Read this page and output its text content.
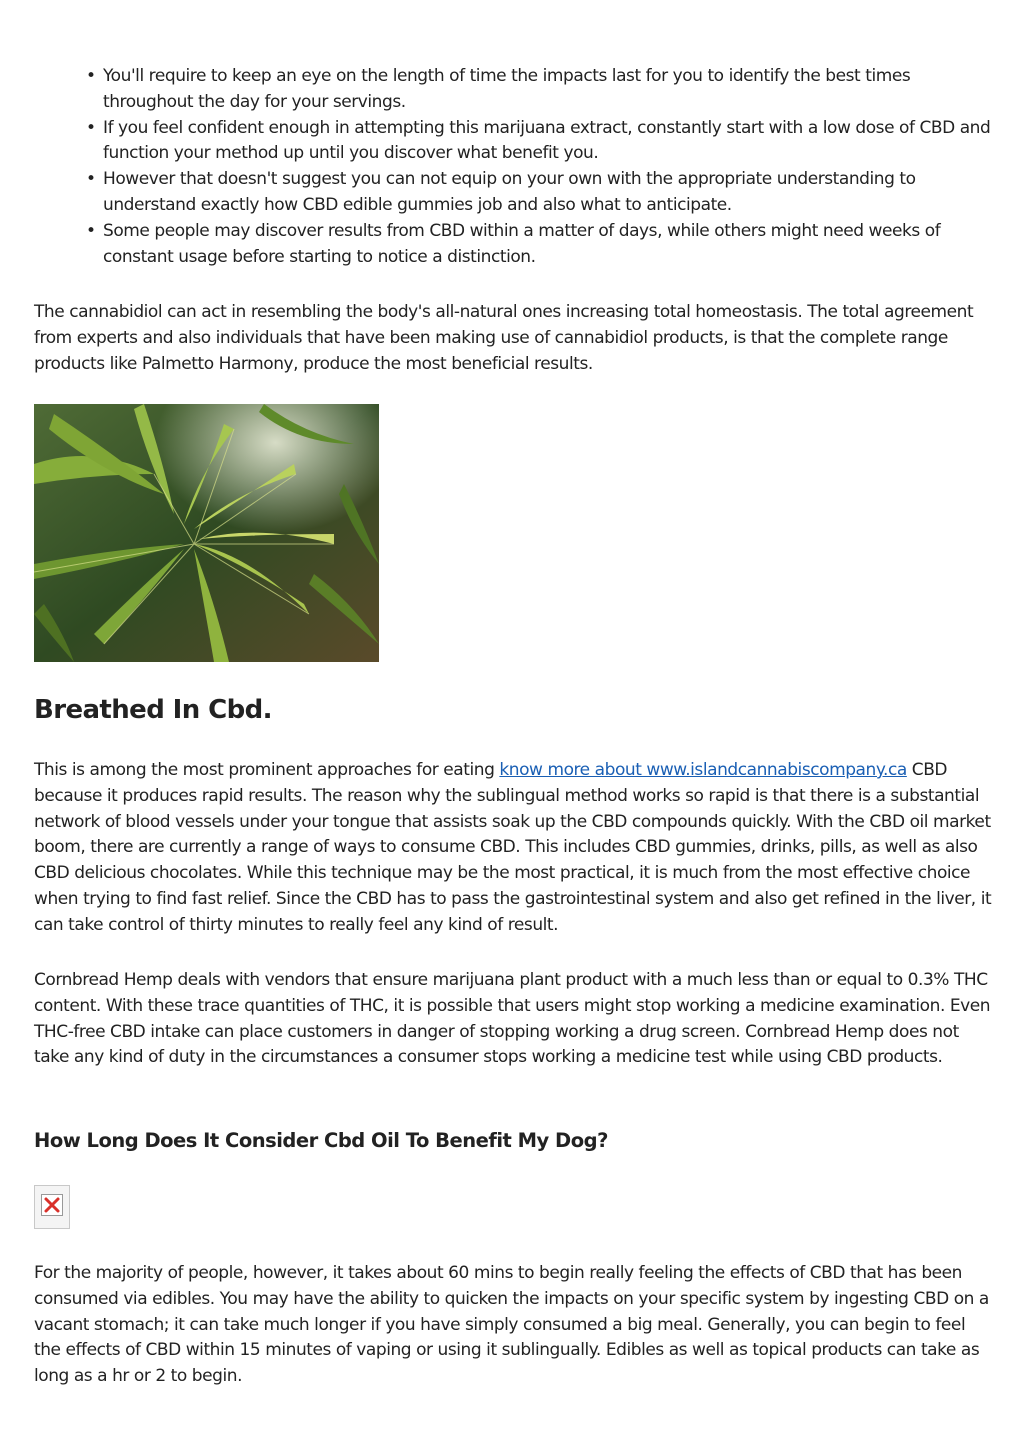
• You'll require to keep an eye on the length of time the impacts last for you to identify the best times throughout the day for your servings.
• If you feel confident enough in attempting this marijuana extract, constantly start with a low dose of CBD and function your method up until you discover what benefit you.
• However that doesn't suggest you can not equip on your own with the appropriate understanding to understand exactly how CBD edible gummies job and also what to anticipate.
• Some people may discover results from CBD within a matter of days, while others might need weeks of constant usage before starting to notice a distinction.

The cannabidiol can act in resembling the body's all-natural ones increasing total homeostasis. The total agreement from experts and also individuals that have been making use of cannabidiol products, is that the complete range products like Palmetto Harmony, produce the most beneficial results.

Breathed In Cbd.

This is among the most prominent approaches for eating know more about www.islandcannabiscompany.ca CBD because it produces rapid results. The reason why the sublingual method works so rapid is that there is a substantial network of blood vessels under your tongue that assists soak up the CBD compounds quickly. With the CBD oil market boom, there are currently a range of ways to consume CBD. This includes CBD gummies, drinks, pills, as well as also CBD delicious chocolates. While this technique may be the most practical, it is much from the most effective choice when trying to find fast relief. Since the CBD has to pass the gastrointestinal system and also get refined in the liver, it can take control of thirty minutes to really feel any kind of result.

Cornbread Hemp deals with vendors that ensure marijuana plant product with a much less than or equal to 0.3% THC content. With these trace quantities of THC, it is possible that users might stop working a medicine examination. Even THC-free CBD intake can place customers in danger of stopping working a drug screen. Cornbread Hemp does not take any kind of duty in the circumstances a consumer stops working a medicine test while using CBD products.

How Long Does It Consider Cbd Oil To Benefit My Dog?

For the majority of people, however, it takes about 60 mins to begin really feeling the effects of CBD that has been consumed via edibles. You may have the ability to quicken the impacts on your specific system by ingesting CBD on a vacant stomach; it can take much longer if you have simply consumed a big meal. Generally, you can begin to feel the effects of CBD within 15 minutes of vaping or using it sublingually. Edibles as well as topical products can take as long as a hr or 2 to begin.
